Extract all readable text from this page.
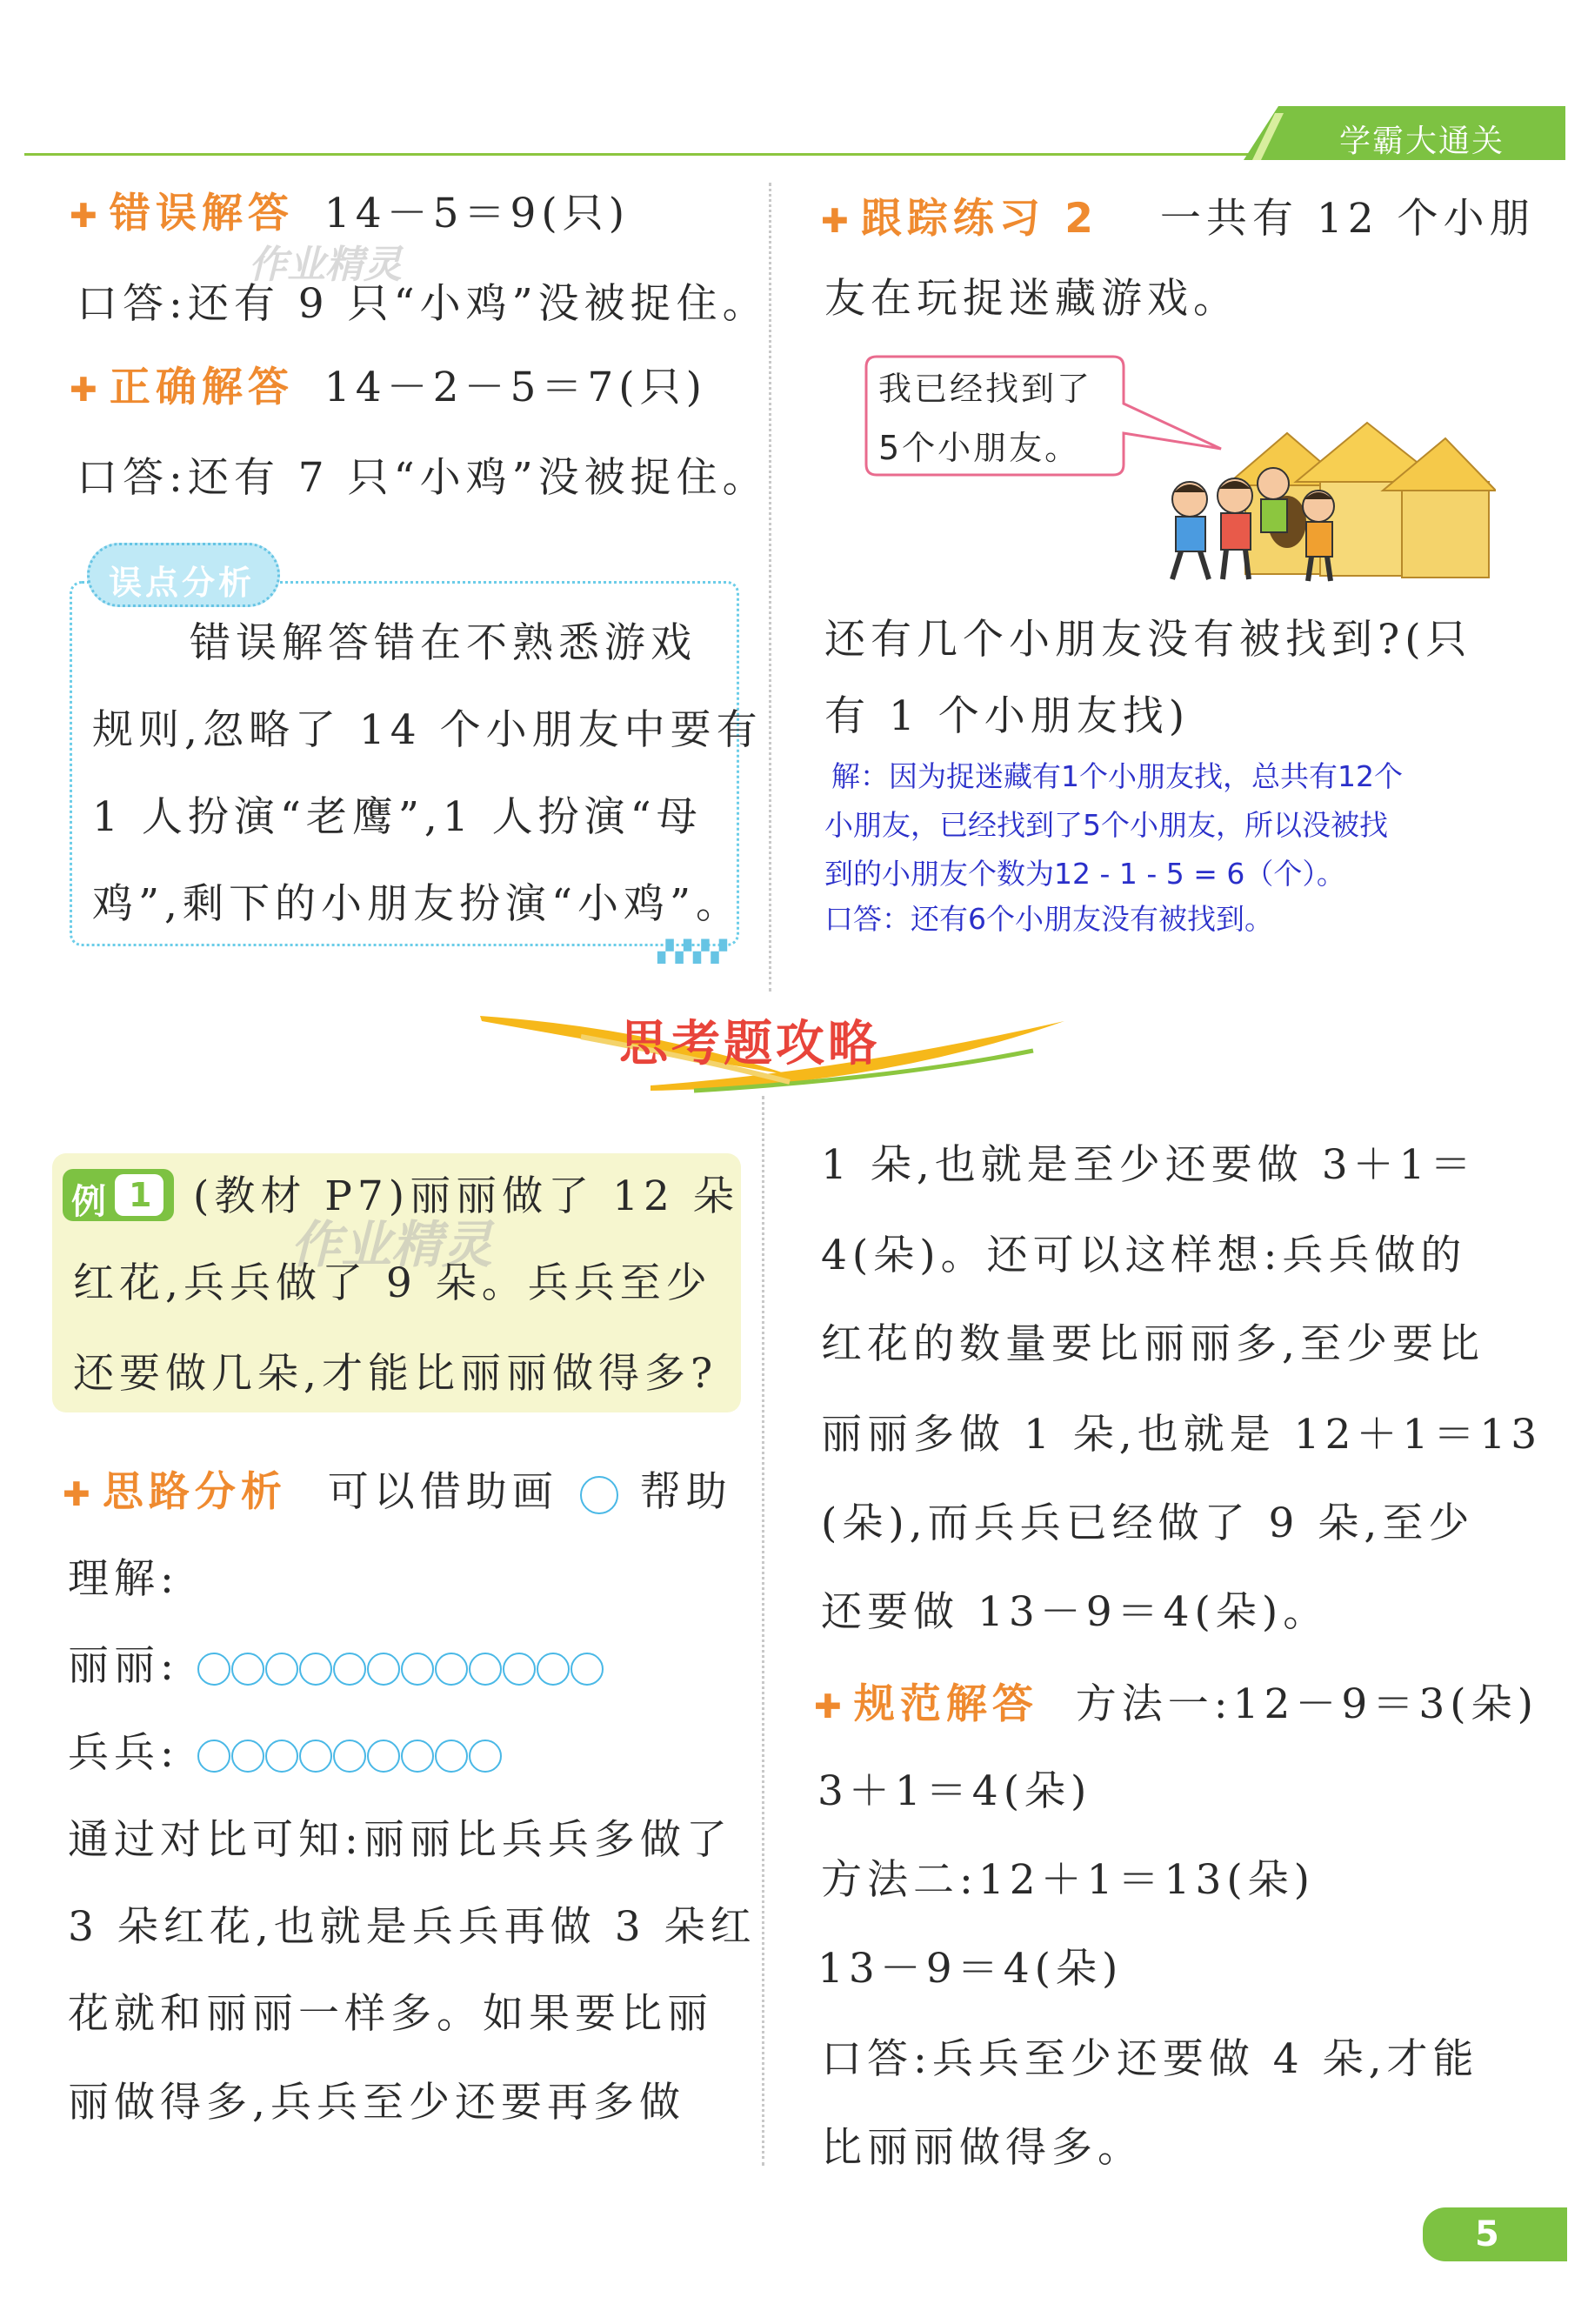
学霸大通关
✚ 错误解答 14－5＝9(只)
作业精灵
口答:还有 9 只“小鸡”没被捉住。
✚ 正确解答 14－2－5＝7(只)
口答:还有 7 只“小鸡”没被捉住。
误点分析
▞▞▞▞
错误解答错在不熟悉游戏
规则,忽略了 14 个小朋友中要有
1 人扮演“老鹰”,1 人扮演“母
鸡”,剩下的小朋友扮演“小鸡”。
✚ 跟踪练习 2 一共有 12 个小朋
友在玩捉迷藏游戏。
我已经找到了
5个小朋友。
还有几个小朋友没有被找到?(只
有 1 个小朋友找)
解：因为捉迷藏有1个小朋友找，总共有12个
小朋友，已经找到了5个小朋友，所以没被找
到的小朋友个数为12 - 1 - 5 = 6（个）。
口答：还有6个小朋友没有被找到。
思考题攻略
例 1 (教材 P7)丽丽做了 12 朵
作业精灵
红花,兵兵做了 9 朵。兵兵至少
还要做几朵,才能比丽丽做得多?
✚ 思路分析 可以借助画 帮助
理解:
丽丽:
兵兵:
通过对比可知:丽丽比兵兵多做了
3 朵红花,也就是兵兵再做 3 朵红
花就和丽丽一样多。如果要比丽
丽做得多,兵兵至少还要再多做
1 朵,也就是至少还要做 3＋1＝
4(朵)。还可以这样想:兵兵做的
红花的数量要比丽丽多,至少要比
丽丽多做 1 朵,也就是 12＋1＝13
(朵),而兵兵已经做了 9 朵,至少
还要做 13－9＝4(朵)。
✚ 规范解答 方法一:12－9＝3(朵)
3＋1＝4(朵)
方法二:12＋1＝13(朵)
13－9＝4(朵)
口答:兵兵至少还要做 4 朵,才能
比丽丽做得多。
5
